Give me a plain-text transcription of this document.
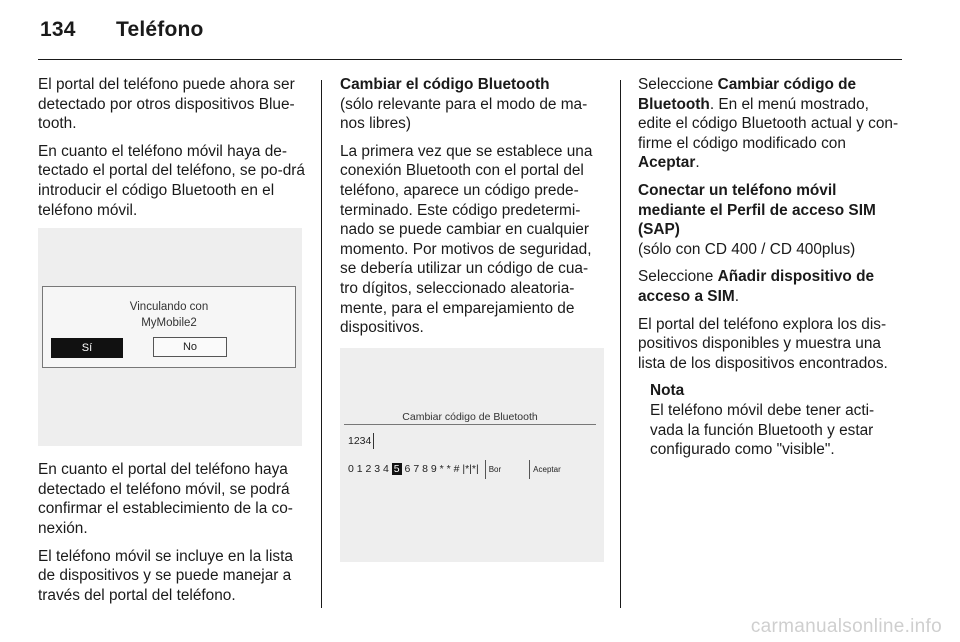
134 Teléfono

El portal del teléfono puede ahora ser detectado por otros dispositivos Blue-tooth.

En cuanto el teléfono móvil haya de-tectado el portal del teléfono, se po-drá introducir el código Bluetooth en el teléfono móvil.

Vinculando con
MyMobile2
Sí	No

En cuanto el portal del teléfono haya detectado el teléfono móvil, se podrá confirmar el establecimiento de la co-nexión.

El teléfono móvil se incluye en la lista de dispositivos y se puede manejar a través del portal del teléfono.

Cambiar el código Bluetooth

(sólo relevante para el modo de ma-nos libres)

La primera vez que se establece una conexión Bluetooth con el portal del teléfono, aparece un código prede-terminado. Este código predetermi-nado se puede cambiar en cualquier momento. Por motivos de seguridad, se debería utilizar un código de cua-tro dígitos, seleccionado aleatoria-mente, para el emparejamiento de dispositivos.

Cambiar código de Bluetooth
1234
0 1 2 3 4 5 6 7 8 9 * * # |*|*| Bor	Aceptar

Seleccione Cambiar código de Bluetooth. En el menú mostrado, edite el código Bluetooth actual y con-firme el código modificado con Aceptar.

Conectar un teléfono móvil mediante el Perfil de acceso SIM (SAP)

(sólo con CD 400 / CD 400plus)

Seleccione Añadir dispositivo de acceso a SIM.

El portal del teléfono explora los dis-positivos disponibles y muestra una lista de los dispositivos encontrados.

Nota
El teléfono móvil debe tener acti-vada la función Bluetooth y estar configurado como "visible".
carmanualsonline.info
